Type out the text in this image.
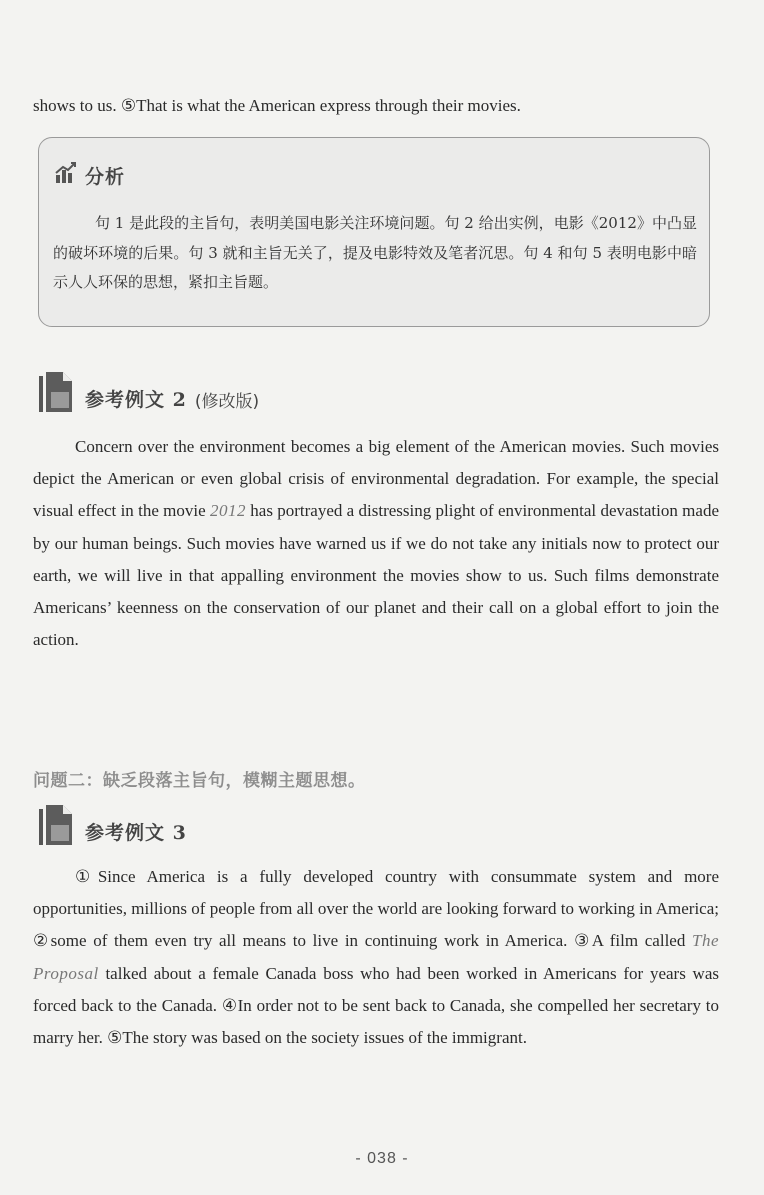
shows to us. ⑤That is what the American express through their movies.
分析
句 1 是此段的主旨句，表明美国电影关注环境问题。句 2 给出实例，电影《2012》中凸显的破坏环境的后果。句 3 就和主旨无关了，提及电影特效及笔者沉思。句 4 和句 5 表明电影中暗示人人环保的思想，紧扣主旨题。
参考例文 2 (修改版)
Concern over the environment becomes a big element of the American movies. Such movies depict the American or even global crisis of environmental degradation. For example, the special visual effect in the movie 2012 has portrayed a distressing plight of environmental devastation made by our human beings. Such movies have warned us if we do not take any initials now to protect our earth, we will live in that appalling environment the movies show to us. Such films demonstrate Americans’ keenness on the conservation of our planet and their call on a global effort to join the action.
问题二：缺乏段落主旨句，模糊主题思想。
参考例文 3
①Since America is a fully developed country with consummate system and more opportunities, millions of people from all over the world are looking forward to working in America; ②some of them even try all means to live in continuing work in America. ③A film called The Proposal talked about a female Canada boss who had been worked in Americans for years was forced back to the Canada. ④In order not to be sent back to Canada, she compelled her secretary to marry her. ⑤The story was based on the society issues of the immigrant.
- 038 -
